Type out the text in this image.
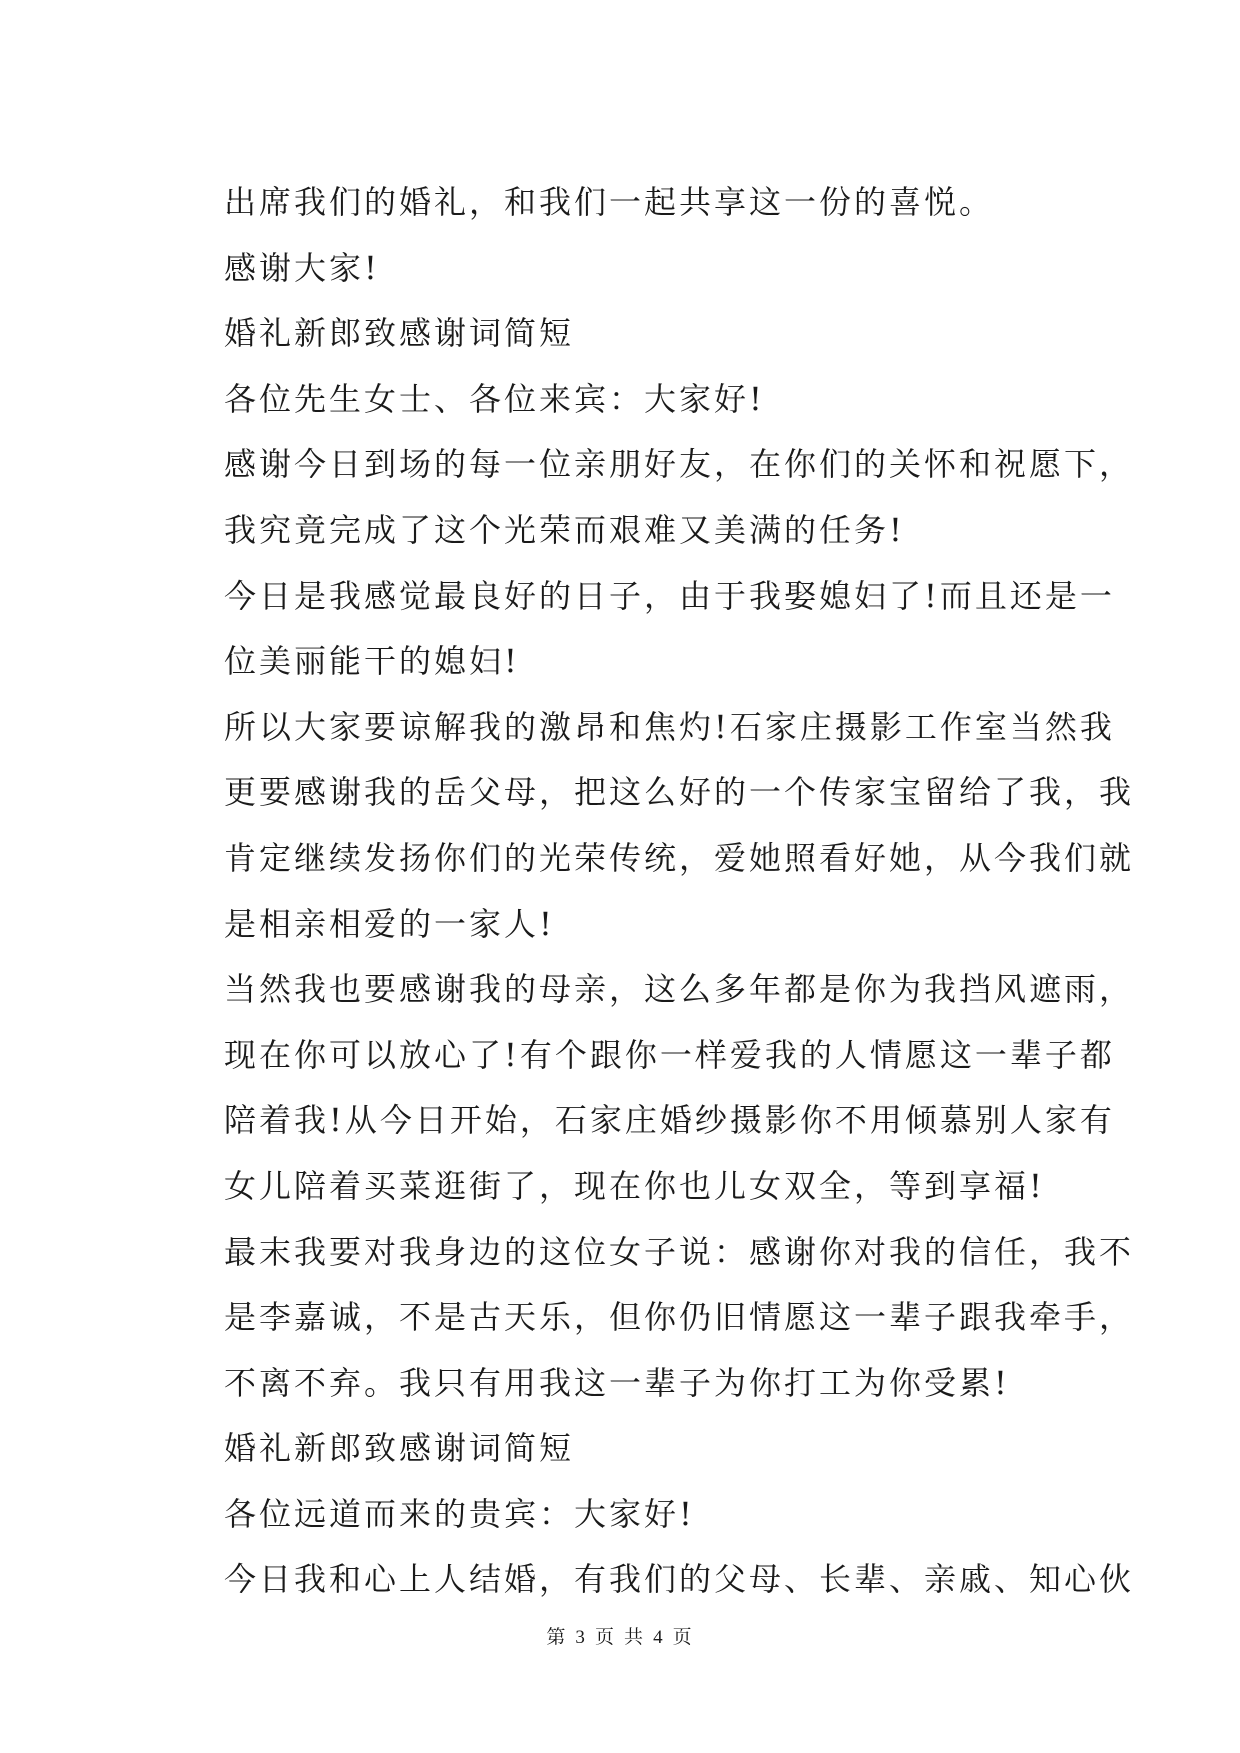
出席我们的婚礼，和我们一起共享这一份的喜悦。
感谢大家!
婚礼新郎致感谢词简短
各位先生女士、各位来宾：大家好!
感谢今日到场的每一位亲朋好友，在你们的关怀和祝愿下，
我究竟完成了这个光荣而艰难又美满的任务!
今日是我感觉最良好的日子，由于我娶媳妇了!而且还是一
位美丽能干的媳妇!
所以大家要谅解我的激昂和焦灼!石家庄摄影工作室当然我
更要感谢我的岳父母，把这么好的一个传家宝留给了我，我
肯定继续发扬你们的光荣传统，爱她照看好她，从今我们就
是相亲相爱的一家人!
当然我也要感谢我的母亲，这么多年都是你为我挡风遮雨，
现在你可以放心了!有个跟你一样爱我的人情愿这一辈子都
陪着我!从今日开始，石家庄婚纱摄影你不用倾慕别人家有
女儿陪着买菜逛街了，现在你也儿女双全，等到享福!
最末我要对我身边的这位女子说：感谢你对我的信任，我不
是李嘉诚，不是古天乐，但你仍旧情愿这一辈子跟我牵手，
不离不弃。我只有用我这一辈子为你打工为你受累!
婚礼新郎致感谢词简短
各位远道而来的贵宾：大家好!
今日我和心上人结婚，有我们的父母、长辈、亲戚、知心伙
第 3 页 共 4 页
